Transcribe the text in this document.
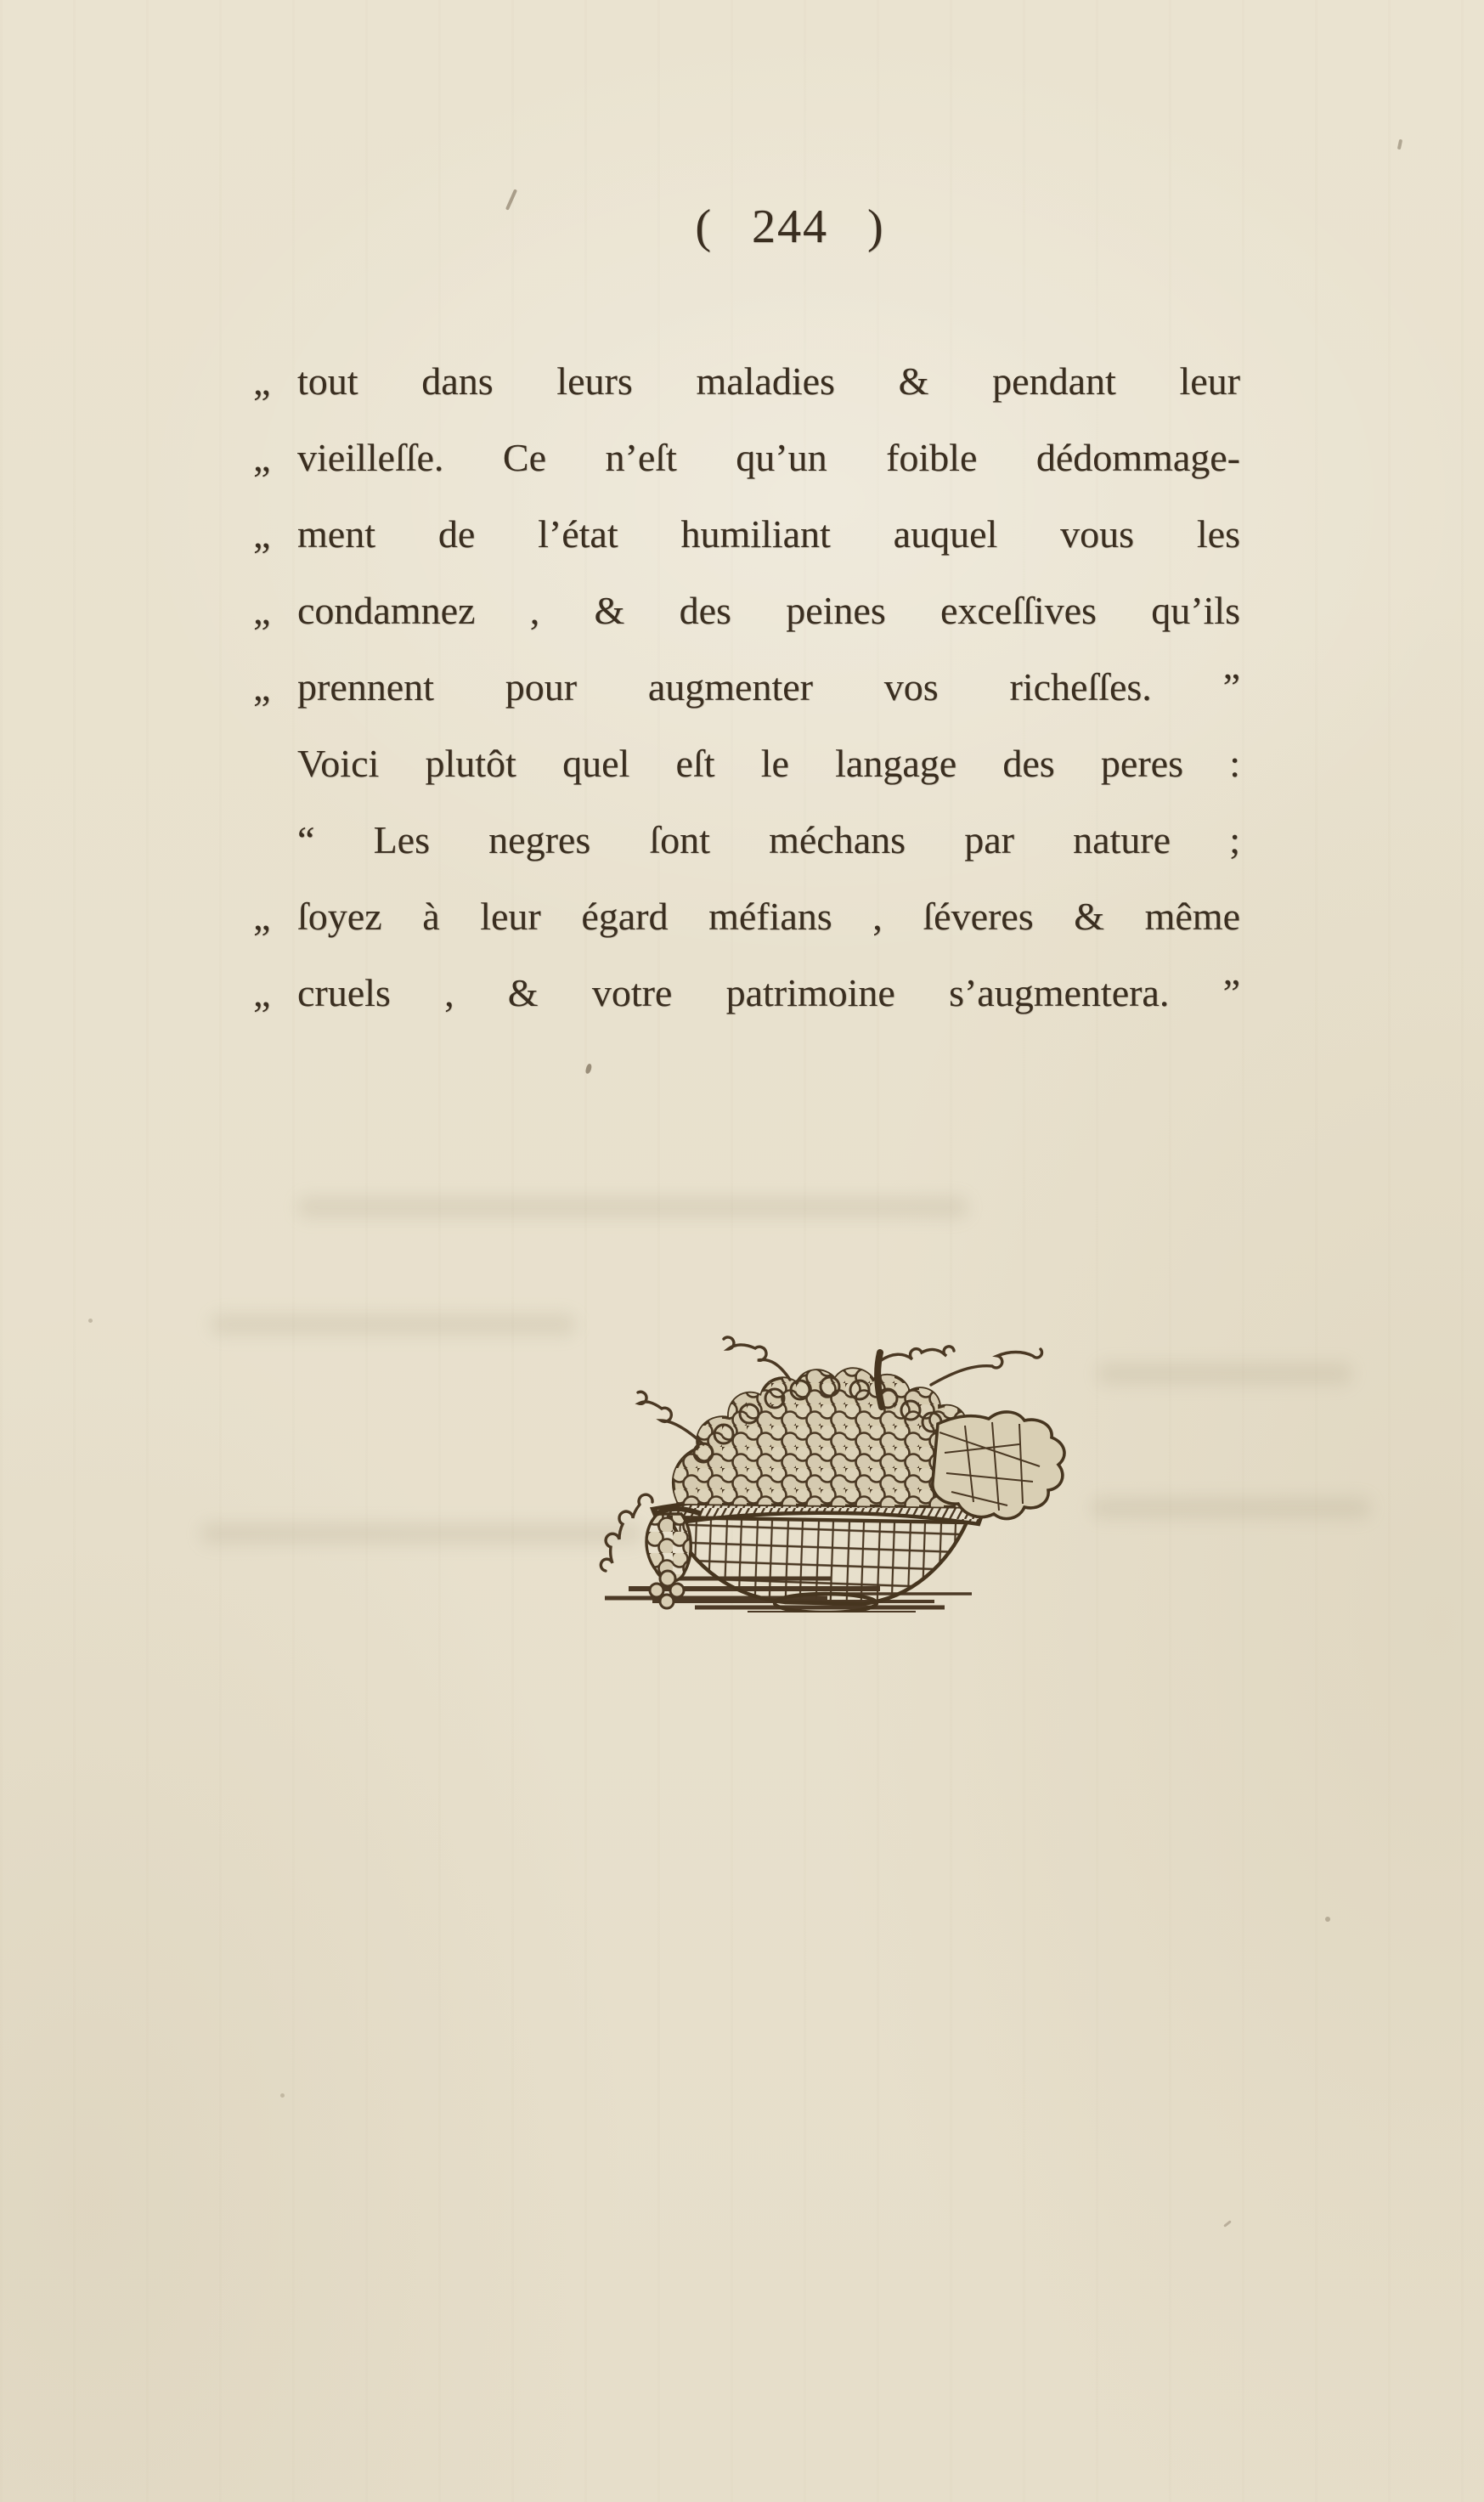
( 244 )
„ tout dans leurs maladies & pendant leur
„ vieilleſſe. Ce n’eſt qu’un foible dédommage-
„ ment de l’état humiliant auquel vous les
„ condamnez , & des peines exceſſives qu’ils
„ prennent pour augmenter vos richeſſes. ”
Voici plutôt quel eſt le langage des peres :
“ Les negres ſont méchans par nature ;
„ ſoyez à leur égard méfians , ſéveres & même
„ cruels , & votre patrimoine s’augmentera. ”
